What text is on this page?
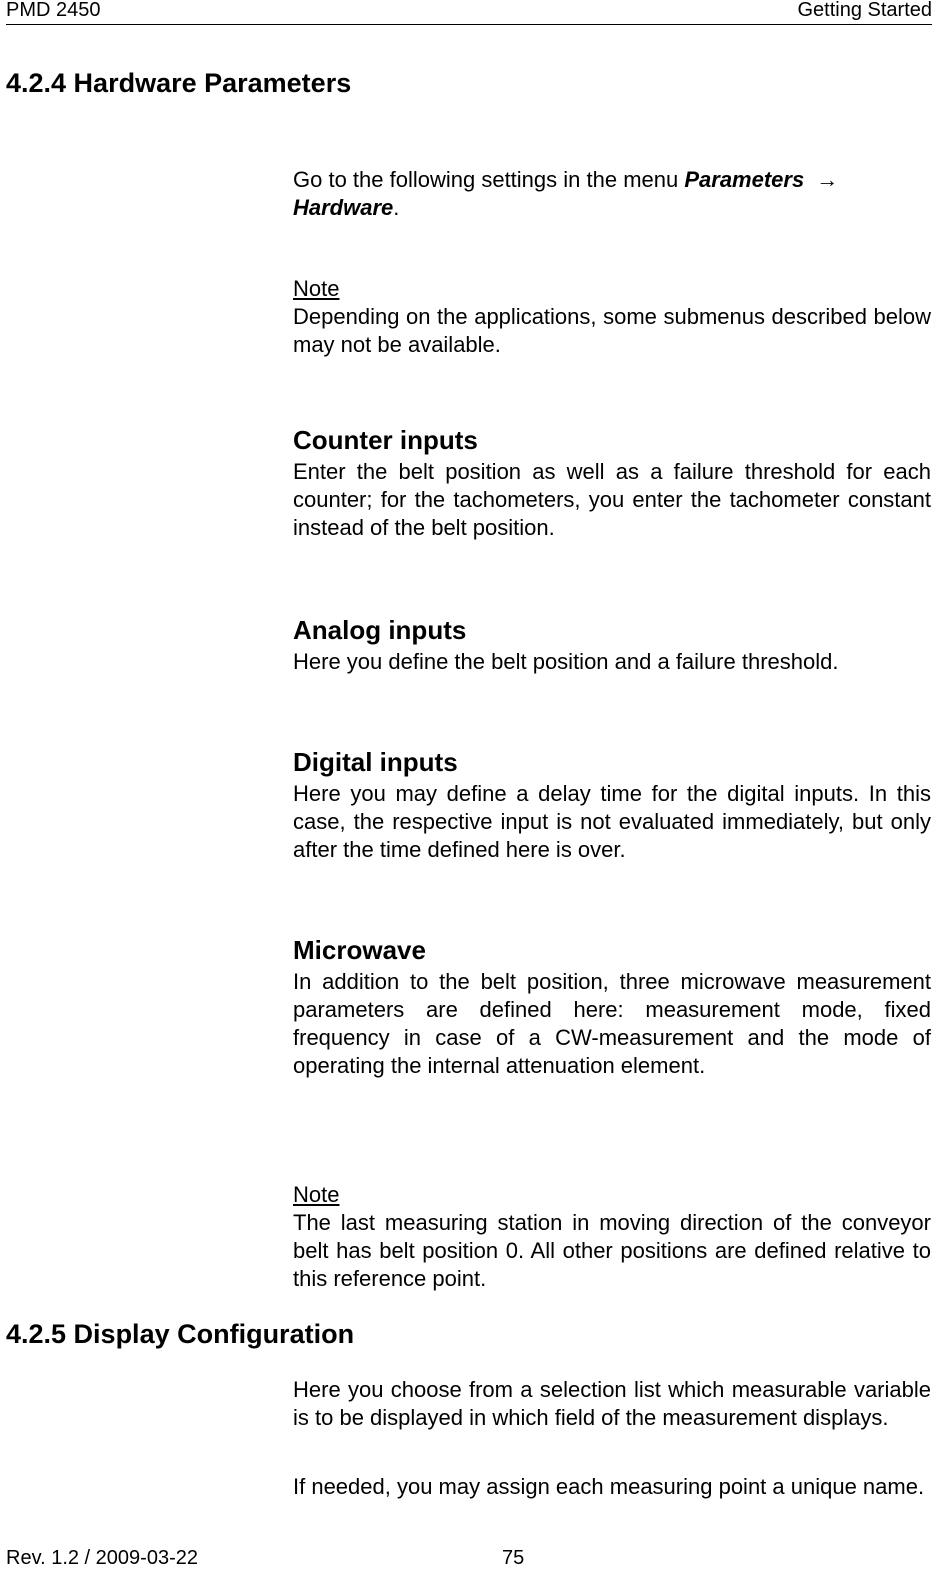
PMD 2450	Getting Started
4.2.4 Hardware Parameters

Go to the following settings in the menu Parameters →
Hardware.

Note

Depending on the applications, some submenus described below may not be available.

Counter inputs

Enter the belt position as well as a failure threshold for each counter; for the tachometers, you enter the tachometer constant instead of the belt position.

Analog inputs

Here you define the belt position and a failure threshold.

Digital inputs

Here you may define a delay time for the digital inputs. In this case, the respective input is not evaluated immediately, but only after the time defined here is over.

Microwave

In addition to the belt position, three microwave measurement parameters are defined here: measurement mode, fixed frequency in case of a CW-measurement and the mode of operating the internal attenuation element.

Note

The last measuring station in moving direction of the conveyor belt has belt position 0. All other positions are defined relative to this reference point.

4.2.5 Display Configuration

Here you choose from a selection list which measurable variable is to be displayed in which field of the measurement displays.

If needed, you may assign each measuring point a unique name.

Rev. 1.2 / 2009-03-22	75
